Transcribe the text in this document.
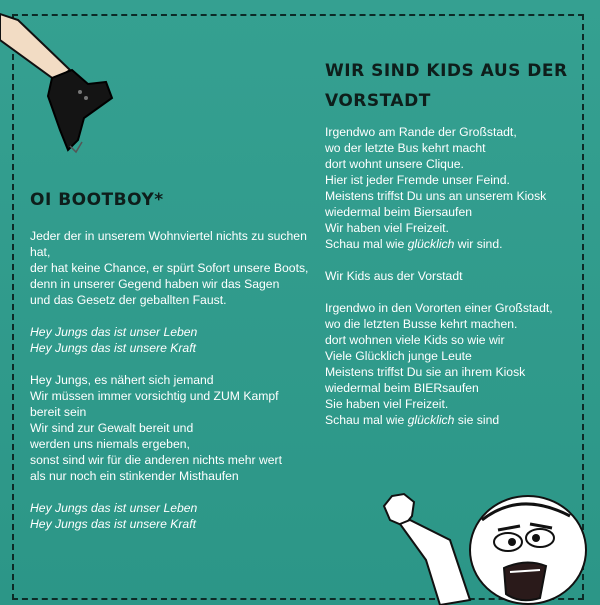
OI BOOTBOY*
WIR SIND KIDS AUS DER VORSTADT
Jeder der in unserem Wohnviertel nichts zu suchen hat,
der hat keine Chance, er spürt Sofort unsere Boots,
denn in unserer Gegend haben wir das Sagen
und das Gesetz der geballten Faust.
Hey Jungs das ist unser Leben
Hey Jungs das ist unsere Kraft
Hey Jungs, es nähert sich jemand
Wir müssen immer vorsichtig und ZUM Kampf bereit sein
Wir sind zur Gewalt bereit und
werden uns niemals ergeben,
sonst sind wir für die anderen nichts mehr wert
als nur noch ein stinkender Misthaufen
Hey Jungs das ist unser Leben
Hey Jungs das ist unsere Kraft
Irgendwo am Rande der Großstadt,
wo der letzte Bus kehrt macht
dort wohnt unsere Clique.
Hier ist jeder Fremde unser Feind.
Meistens triffst Du uns an unserem Kiosk
wiedermal beim Biersaufen
Wir haben viel Freizeit.
Schau mal wie glücklich wir sind.
Wir Kids aus der Vorstadt
Irgendwo in den Vororten einer Großstadt,
wo die letzten Busse kehrt machen.
dort wohnen viele Kids so wie wir
Viele Glücklich junge Leute
Meistens triffst Du sie an ihrem Kiosk
wiedermal beim BIERsaufen
Sie haben viel Freizeit.
Schau mal wie glücklich sie sind
